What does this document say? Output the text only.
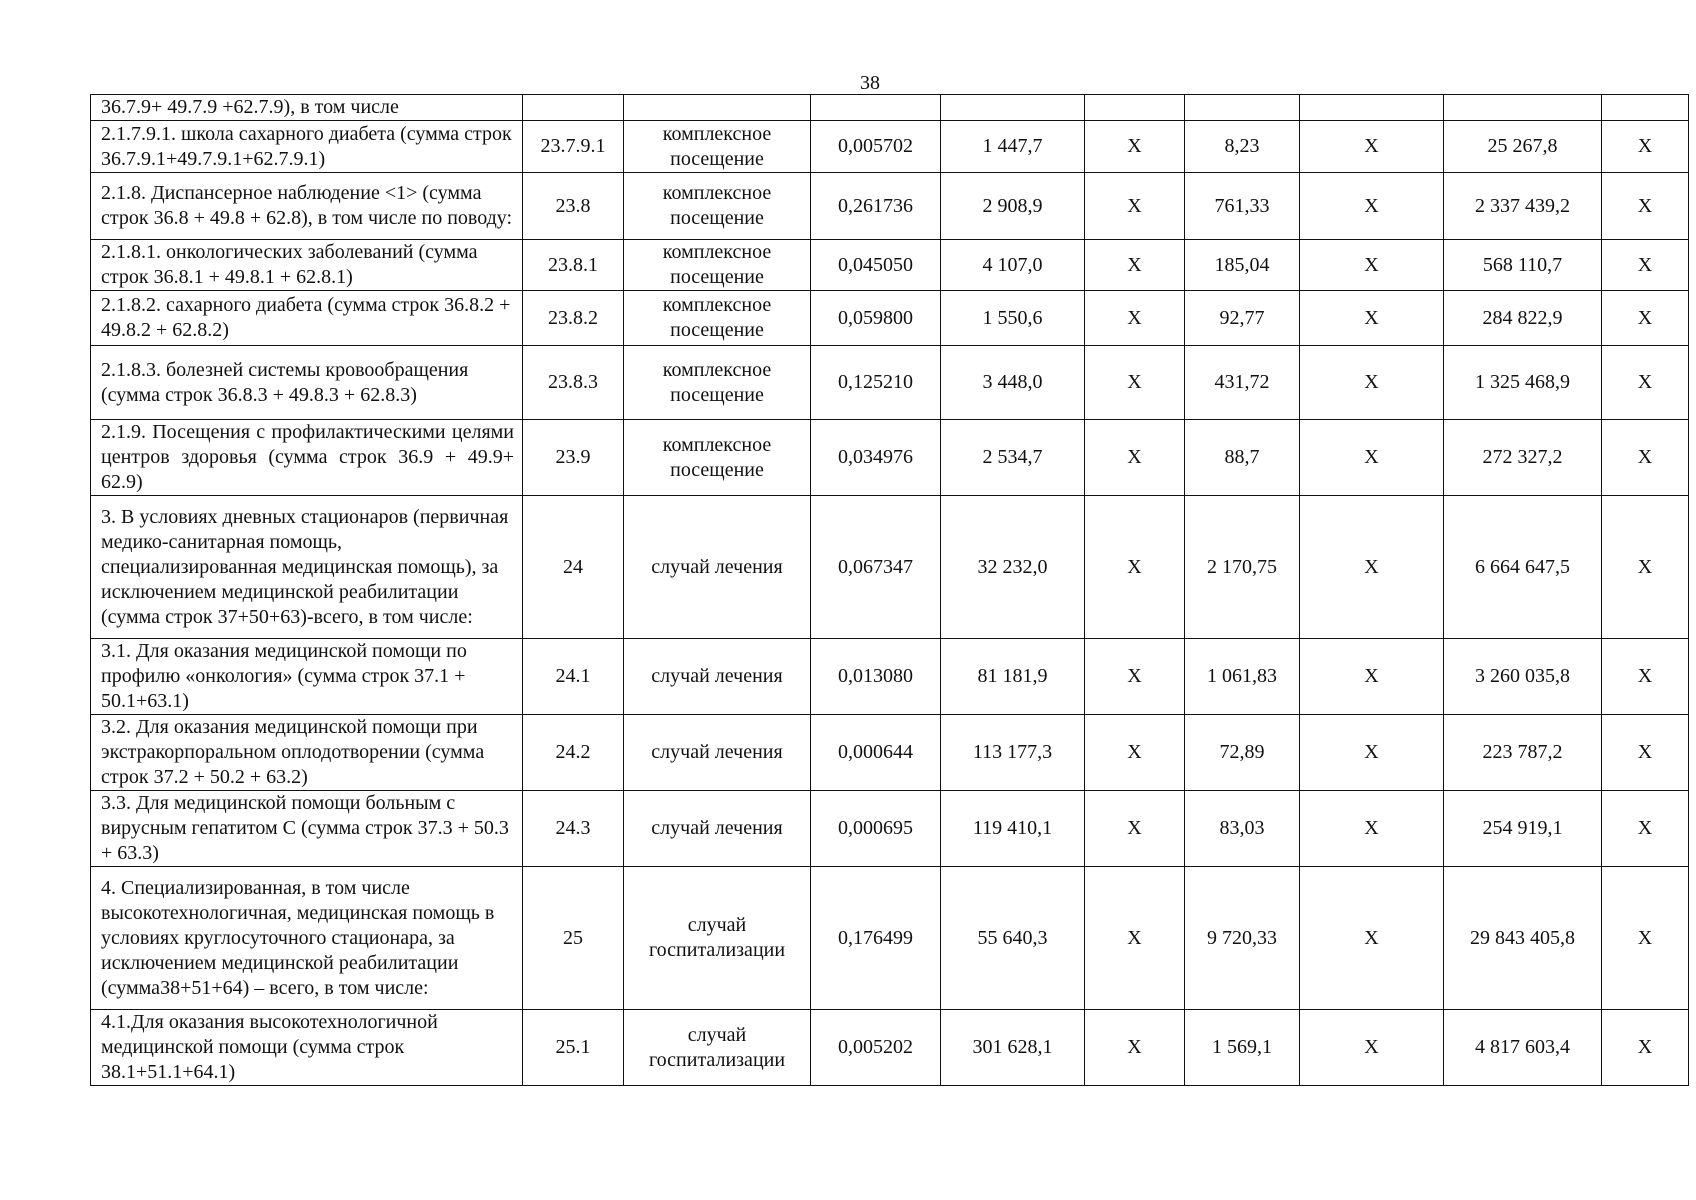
38
36.7.9+ 49.7.9 +62.7.9), в том числе									
2.1.7.9.1. школа сахарного диабета (сумма строк 36.7.9.1+49.7.9.1+62.7.9.1)	23.7.9.1	комплексное посещение	0,005702	1 447,7	Х	8,23	Х	25 267,8	Х
2.1.8. Диспансерное наблюдение <1> (сумма строк 36.8 + 49.8 + 62.8), в том числе по поводу:	23.8	комплексное посещение	0,261736	2 908,9	Х	761,33	Х	2 337 439,2	Х
2.1.8.1. онкологических заболеваний (сумма строк 36.8.1 + 49.8.1 + 62.8.1)	23.8.1	комплексное посещение	0,045050	4 107,0	Х	185,04	Х	568 110,7	Х
2.1.8.2. сахарного диабета (сумма строк 36.8.2 + 49.8.2 + 62.8.2)	23.8.2	комплексное посещение	0,059800	1 550,6	Х	92,77	Х	284 822,9	Х
2.1.8.3. болезней системы кровообращения (сумма строк 36.8.3 + 49.8.3 + 62.8.3)	23.8.3	комплексное посещение	0,125210	3 448,0	Х	431,72	Х	1 325 468,9	Х
2.1.9. Посещения с профилактическими целями центров здоровья (сумма строк 36.9 + 49.9+ 62.9)	23.9	комплексное посещение	0,034976	2 534,7	Х	88,7	Х	272 327,2	Х
3. В условиях дневных стационаров (первичная медико-санитарная помощь, специализированная медицинская помощь), за исключением медицинской реабилитации (сумма строк 37+50+63)-всего, в том числе:	24	случай лечения	0,067347	32 232,0	Х	2 170,75	Х	6 664 647,5	Х
3.1. Для оказания медицинской помощи по профилю «онкология» (сумма строк 37.1 + 50.1+63.1)	24.1	случай лечения	0,013080	81 181,9	Х	1 061,83	Х	3 260 035,8	Х
3.2. Для оказания медицинской помощи при экстракорпоральном оплодотворении (сумма строк 37.2 + 50.2 + 63.2)	24.2	случай лечения	0,000644	113 177,3	Х	72,89	Х	223 787,2	Х
3.3. Для медицинской помощи больным с вирусным гепатитом С (сумма строк 37.3 + 50.3 + 63.3)	24.3	случай лечения	0,000695	119 410,1	Х	83,03	Х	254 919,1	Х
4. Специализированная, в том числе высокотехнологичная, медицинская помощь в условиях круглосуточного стационара, за исключением медицинской реабилитации (сумма38+51+64) – всего, в том числе:	25	случай госпитализации	0,176499	55 640,3	Х	9 720,33	Х	29 843 405,8	Х
4.1.Для оказания высокотехнологичной медицинской помощи (сумма строк 38.1+51.1+64.1)	25.1	случай госпитализации	0,005202	301 628,1	Х	1 569,1	Х	4 817 603,4	Х
